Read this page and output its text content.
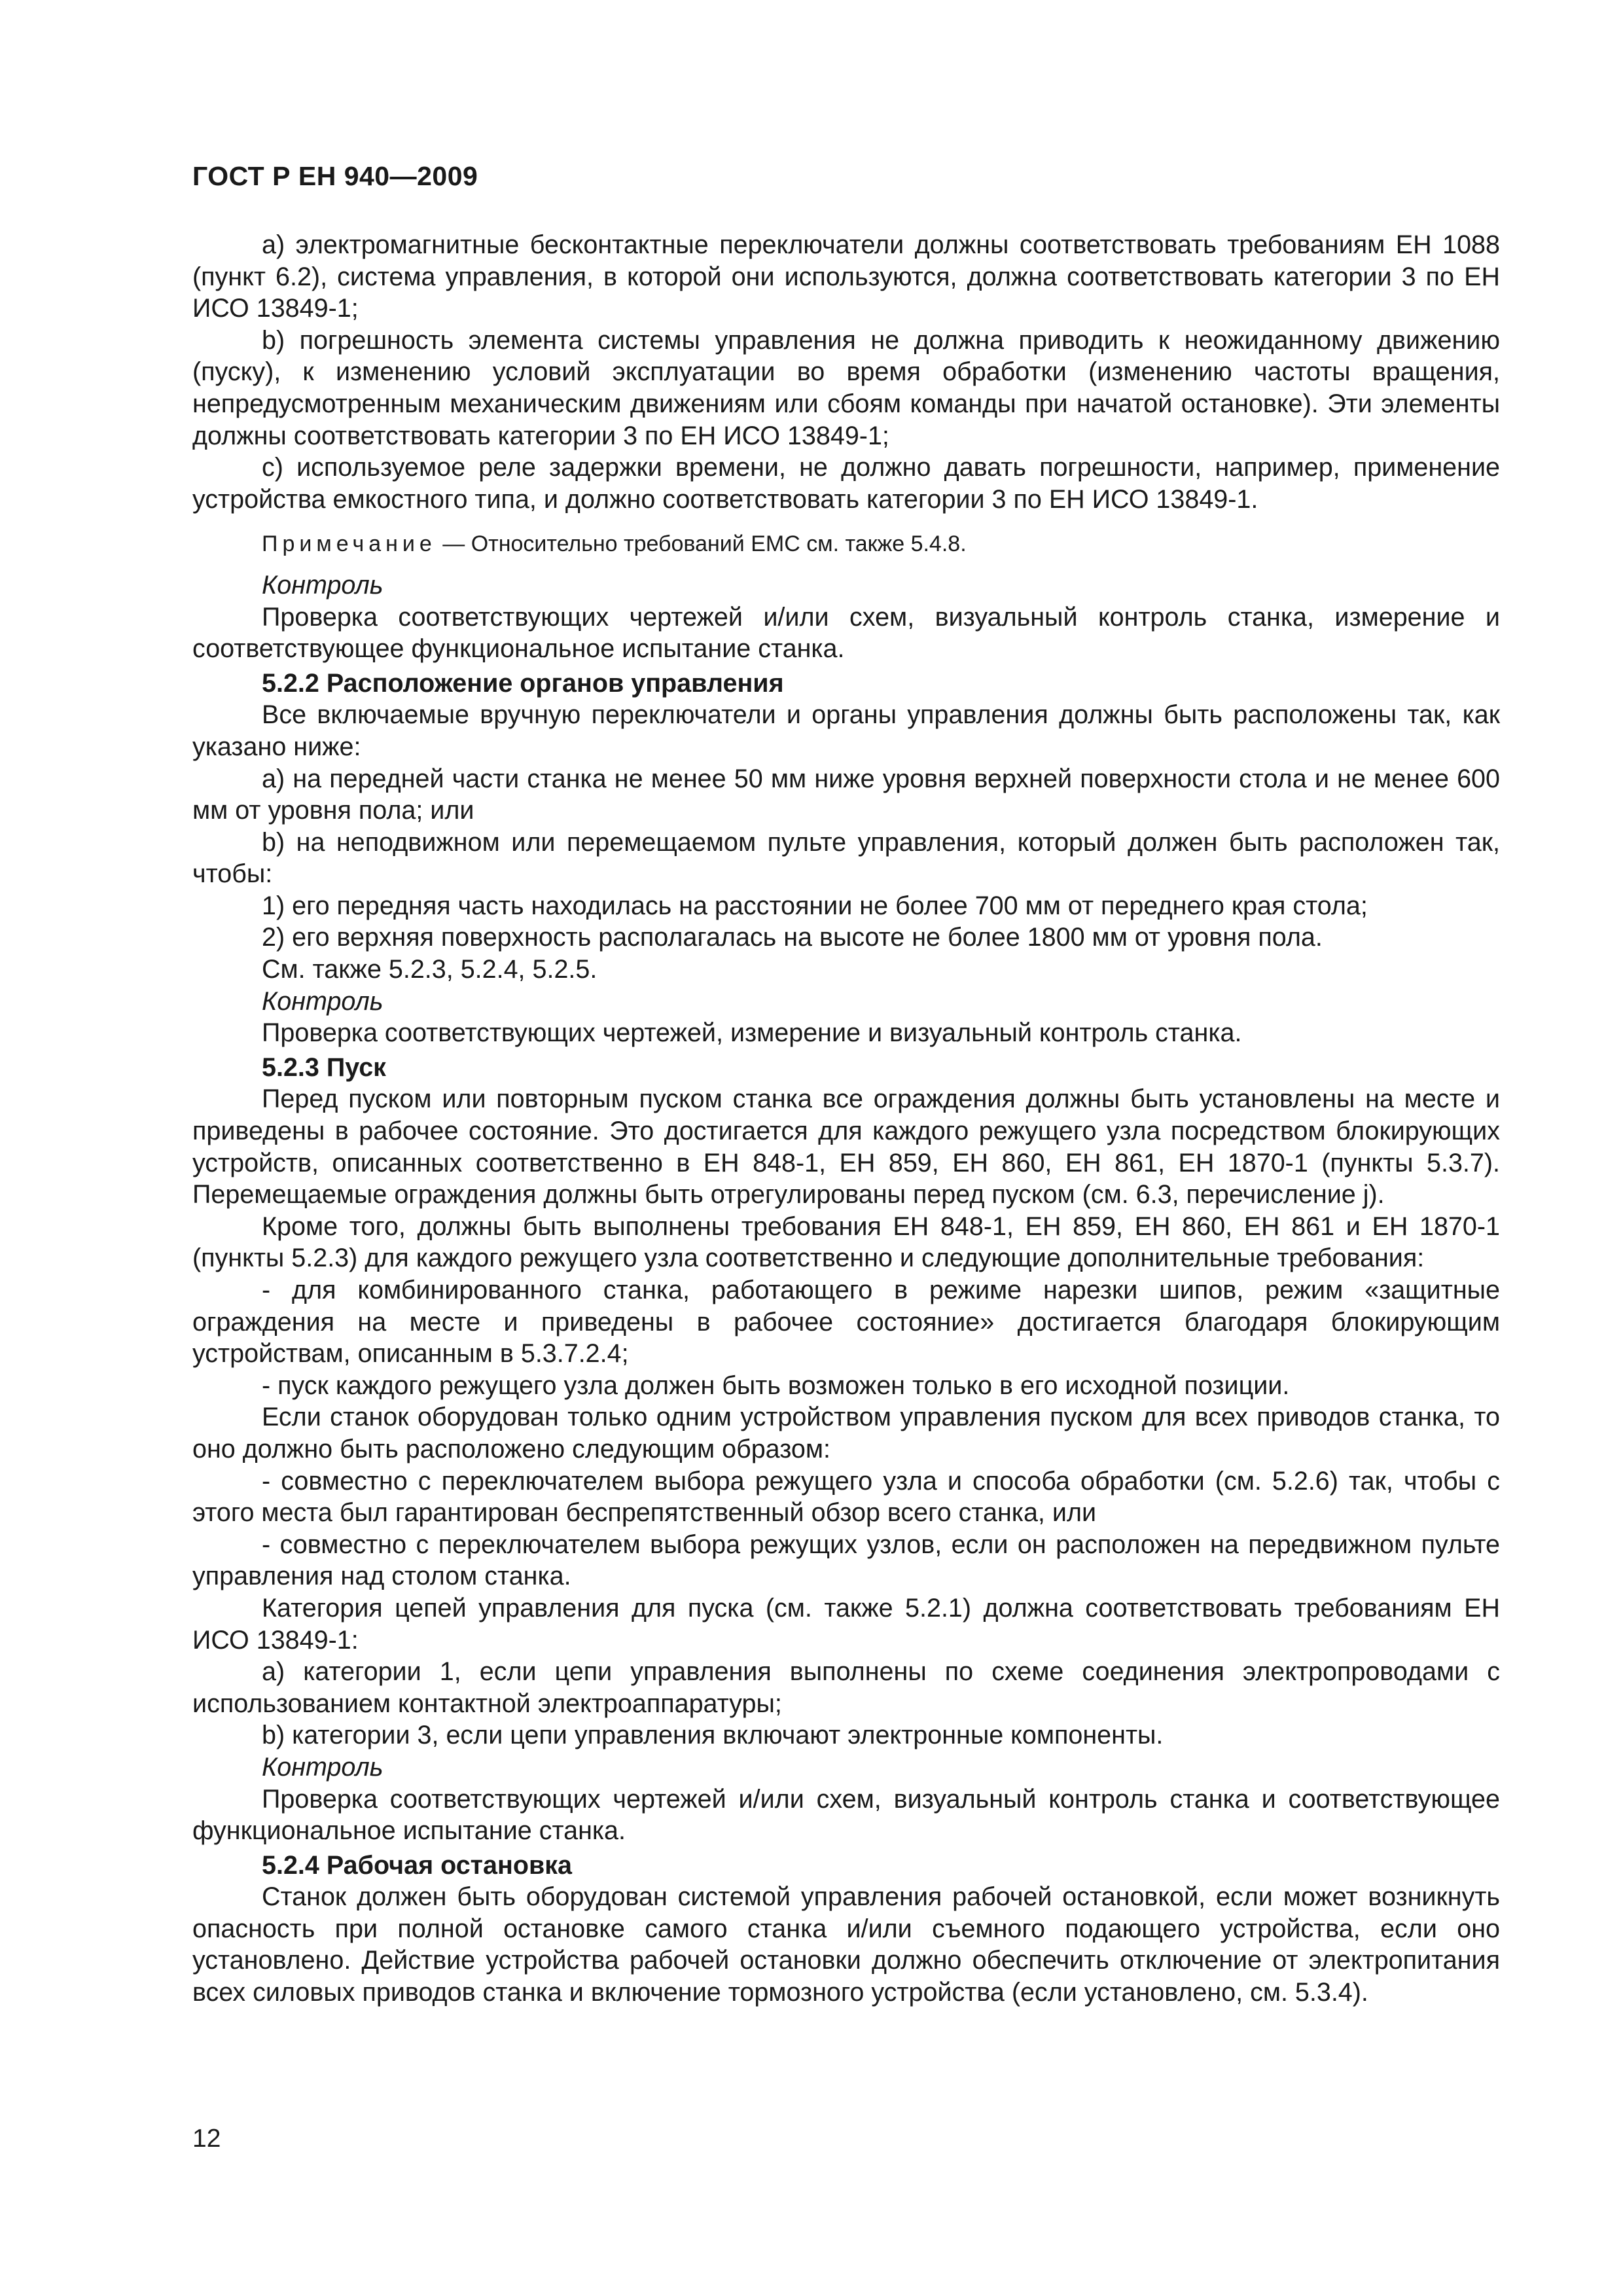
ГОСТ Р ЕН 940—2009

а) электромагнитные бесконтактные переключатели должны соответствовать требованиям ЕН 1088 (пункт 6.2), система управления, в которой они используются, должна соответствовать категории 3 по ЕН ИСО 13849-1;

b) погрешность элемента системы управления не должна приводить к неожиданному движению (пуску), к изменению условий эксплуатации во время обработки (изменению частоты вращения, непредусмотренным механическим движениям или сбоям команды при начатой остановке). Эти элементы должны соответствовать категории 3 по ЕН ИСО 13849-1;

с) используемое реле задержки времени, не должно давать погрешности, например, применение устройства емкостного типа, и должно соответствовать категории 3 по ЕН ИСО 13849-1.

Примечание — Относительно требований ЕМС см. также 5.4.8.

Контроль

Проверка соответствующих чертежей и/или схем, визуальный контроль станка, измерение и соответствующее функциональное испытание станка.

5.2.2 Расположение органов управления

Все включаемые вручную переключатели и органы управления должны быть расположены так, как указано ниже:

а) на передней части станка не менее 50 мм ниже уровня верхней поверхности стола и не менее 600 мм от уровня пола; или

b) на неподвижном или перемещаемом пульте управления, который должен быть расположен так, чтобы:

1) его передняя часть находилась на расстоянии не более 700 мм от переднего края стола;

2) его верхняя поверхность располагалась на высоте не более 1800 мм от уровня пола.

См. также 5.2.3, 5.2.4, 5.2.5.

Контроль

Проверка соответствующих чертежей, измерение и визуальный контроль станка.

5.2.3 Пуск

Перед пуском или повторным пуском станка все ограждения должны быть установлены на месте и приведены в рабочее состояние. Это достигается для каждого режущего узла посредством блокирующих устройств, описанных соответственно в ЕН 848-1, ЕН 859, ЕН 860, ЕН 861, ЕН 1870-1 (пункты 5.3.7). Перемещаемые ограждения должны быть отрегулированы перед пуском (см. 6.3, перечисление j).

Кроме того, должны быть выполнены требования ЕН 848-1, ЕН 859, ЕН 860, ЕН 861 и ЕН 1870-1 (пункты 5.2.3) для каждого режущего узла соответственно и следующие дополнительные требования:

- для комбинированного станка, работающего в режиме нарезки шипов, режим «защитные ограждения на месте и приведены в рабочее состояние» достигается благодаря блокирующим устройствам, описанным в 5.3.7.2.4;

- пуск каждого режущего узла должен быть возможен только в его исходной позиции.

Если станок оборудован только одним устройством управления пуском для всех приводов станка, то оно должно быть расположено следующим образом:

- совместно с переключателем выбора режущего узла и способа обработки (см. 5.2.6) так, чтобы с этого места был гарантирован беспрепятственный обзор всего станка, или

- совместно с переключателем выбора режущих узлов, если он расположен на передвижном пульте управления над столом станка.

Категория цепей управления для пуска (см. также 5.2.1) должна соответствовать требованиям ЕН ИСО 13849-1:

а) категории 1, если цепи управления выполнены по схеме соединения электропроводами с использованием контактной электроаппаратуры;

b) категории 3, если цепи управления включают электронные компоненты.

Контроль

Проверка соответствующих чертежей и/или схем, визуальный контроль станка и соответствующее функциональное испытание станка.

5.2.4 Рабочая остановка

Станок должен быть оборудован системой управления рабочей остановкой, если может возникнуть опасность при полной остановке самого станка и/или съемного подающего устройства, если оно установлено. Действие устройства рабочей остановки должно обеспечить отключение от электропитания всех силовых приводов станка и включение тормозного устройства (если установлено, см. 5.3.4).

12
